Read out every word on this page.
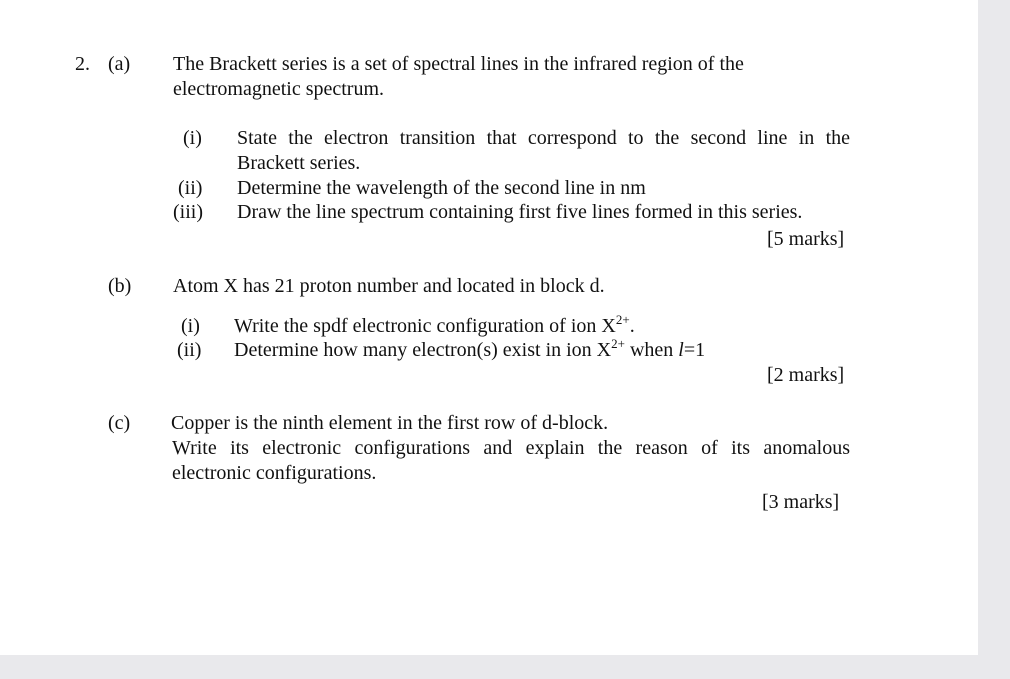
2. (a) The Brackett series is a set of spectral lines in the infrared region of the
electromagnetic spectrum.
(i) State the electron transition that correspond to the second line in the
Brackett series.
(ii) Determine the wavelength of the second line in nm
(iii) Draw the line spectrum containing first five lines formed in this series.
[5 marks]
(b) Atom X has 21 proton number and located in block d.
(i) Write the spdf electronic configuration of ion $X^{2+}$.
(ii) Determine how many electron(s) exist in ion $X^{2+}$ when l=1
[2 marks]
(c) Copper is the ninth element in the first row of d-block.
Write its electronic configurations and explain the reason of its anomalous
electronic configurations.
[3 marks]
